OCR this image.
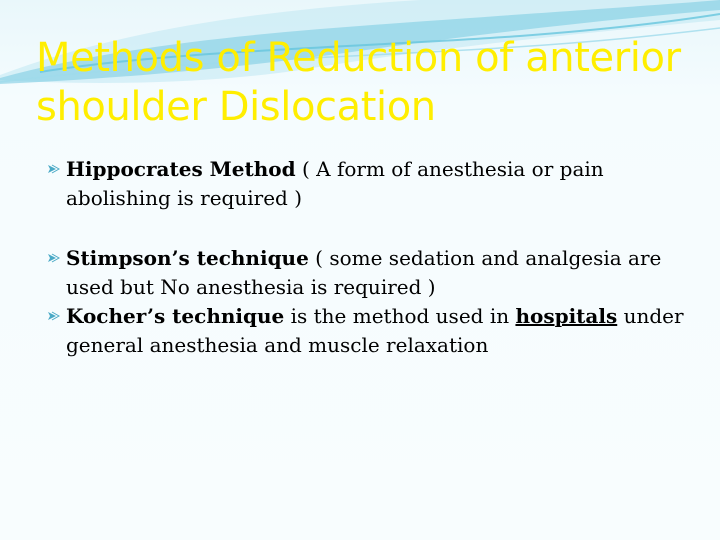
Methods of Reduction of anterior shoulder Dislocation
Hippocrates Method ( A form of anesthesia or pain abolishing is required )
Stimpson’s technique ( some sedation and analgesia are used but No anesthesia is required )
Kocher’s technique is the method used in hospitals under general anesthesia and muscle relaxation
